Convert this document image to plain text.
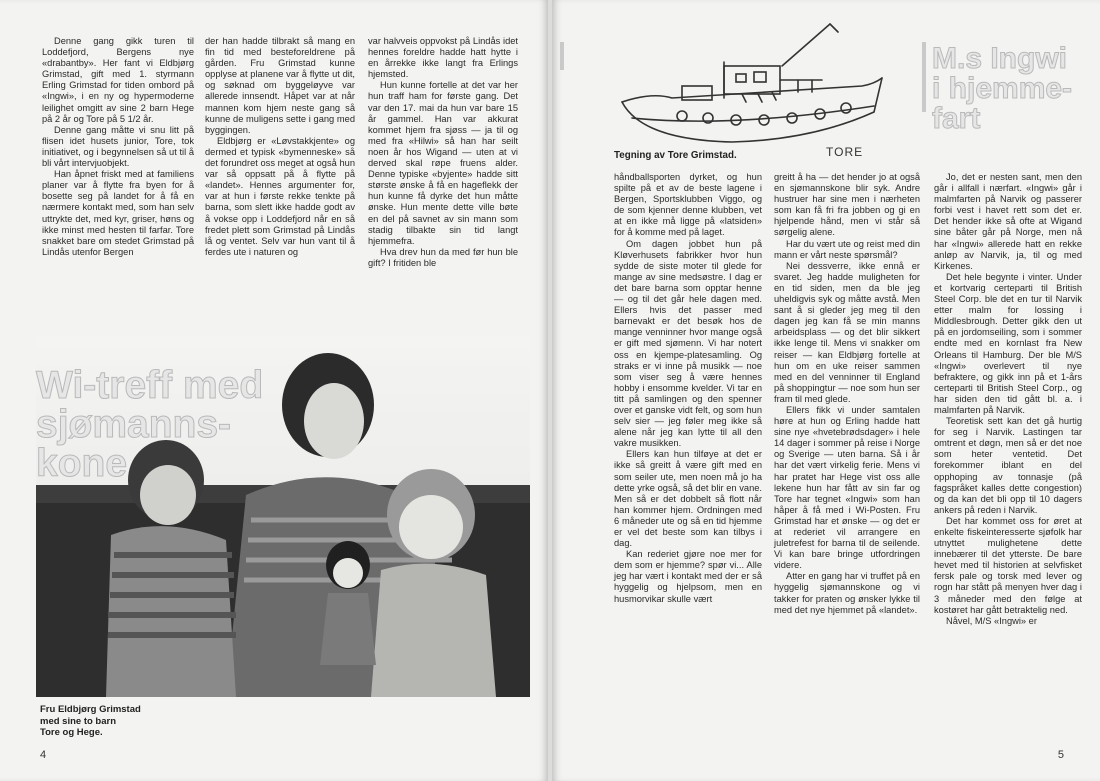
Denne gang gikk turen til Loddefjord, Bergens nye «drabantby». Her fant vi Eldbjørg Grimstad, gift med 1. styrmann Erling Grimstad for tiden ombord på «Ingwi», i en ny og hypermoderne leilighet omgitt av sine 2 barn Hege på 2 år og Tore på 5 1/2 år.

Denne gang måtte vi snu litt på flisen idet husets junior, Tore, tok initiativet, og i begynnelsen så ut til å bli vårt intervjuobjekt.

Han åpnet friskt med at familiens planer var å flytte fra byen for å bosette seg på landet for å få en nærmere kontakt med, som han selv uttrykte det, med kyr, griser, høns og ikke minst med hesten til farfar. Tore snakket bare om stedet Grimstad på Lindås utenfor Bergen

der han hadde tilbrakt så mang en fin tid med besteforeldrene på gården. Fru Grimstad kunne opplyse at planene var å flytte ut dit, og søknad om byggeløyve var allerede innsendt. Håpet var at når mannen kom hjem neste gang så kunne de muligens sette i gang med byggingen.

Eldbjørg er «Løvstakkjente» og dermed et typisk «bymenneske» så det forundret oss meget at også hun var så oppsatt på å flytte på «landet». Hennes argumenter for, var at hun i første rekke tenkte på barna, som slett ikke hadde godt av å vokse opp i Loddefjord når en så fredet plett som Grimstad på Lindås lå og ventet. Selv var hun vant til å ferdes ute i naturen og

var halvveis oppvokst på Lindås idet hennes foreldre hadde hatt hytte i en årrekke ikke langt fra Erlings hjemsted.

Hun kunne fortelle at det var her hun traff ham for første gang. Det var den 17. mai da hun var bare 15 år gammel. Han var akkurat kommet hjem fra sjøss — ja til og med fra «Hilwi» så han har seilt noen år hos Wigand — uten at vi derved skal røpe fruens alder. Denne typiske «byjente» hadde sitt største ønske å få en hageflekk der hun kunne få dyrke det hun måtte ønske. Hun mente dette ville bøte en del på savnet av sin mann som stadig tilbakte sin tid langt hjemmefra.

Hva drev hun da med før hun ble gift? I fritiden ble

Wi-treff med
sjømanns-
kone
Fru Eldbjørg Grimstad
med sine to barn
Tore og Hege.
4
TORE
Tegning av Tore Grimstad.
M.s Ingwi
i hjemme-
fart

håndballsporten dyrket, og hun spilte på et av de beste lagene i Bergen, Sportsklubben Viggo, og de som kjenner denne klubben, vet at en ikke må ligge på «latsiden» for å komme med på laget.

Om dagen jobbet hun på Kløverhusets fabrikker hvor hun sydde de siste moter til glede for mange av sine medsøstre. I dag er det bare barna som opptar henne — og til det går hele dagen med. Ellers hvis det passer med barnevakt er det besøk hos de mange venninner hvor mange også er gift med sjømenn. Vi har notert oss en kjempe-platesamling. Og straks er vi inne på musikk — noe som viser seg å være hennes hobby i ensomme kvelder. Vi tar en titt på samlingen og den spenner over et ganske vidt felt, og som hun selv sier — jeg føler meg ikke så alene når jeg kan lytte til all den vakre musikken.

Ellers kan hun tilføye at det er ikke så greitt å være gift med en som seiler ute, men noen må jo ha dette yrke også, så det blir en vane. Men så er det dobbelt så flott når han kommer hjem. Ordningen med 6 måneder ute og så en tid hjemme er vel det beste som kan tilbys i dag.

Kan rederiet gjøre noe mer for dem som er hjemme? spør vi... Alle jeg har vært i kontakt med der er så hyggelig og hjelpsom, men en husmorvikar skulle vært

greitt å ha — det hender jo at også en sjømannskone blir syk. Andre hustruer har sine men i nærheten som kan få fri fra jobben og gi en hjelpende hånd, men vi står så sørgelig alene.

Har du vært ute og reist med din mann er vårt neste spørsmål?

Nei dessverre, ikke ennå er svaret. Jeg hadde muligheten for en tid siden, men da ble jeg uheldigvis syk og måtte avstå. Men sant å si gleder jeg meg til den dagen jeg kan få se min manns arbeidsplass — og det blir sikkert ikke lenge til. Mens vi snakker om reiser — kan Eldbjørg fortelle at hun om en uke reiser sammen med en del venninner til England på shoppingtur — noe som hun ser fram til med glede.

Ellers fikk vi under samtalen høre at hun og Erling hadde hatt sine nye «hvetebrødsdager» i hele 14 dager i sommer på reise i Norge og Sverige — uten barna. Så i år har det vært virkelig ferie. Mens vi har pratet har Hege vist oss alle lekene hun har fått av sin far og Tore har tegnet «Ingwi» som han håper å få med i Wi-Posten. Fru Grimstad har et ønske — og det er at rederiet vil arrangere en juletrefest for barna til de seilende. Vi kan bare bringe utfordringen videre.

Atter en gang har vi truffet på en hyggelig sjømannskone og vi takker for praten og ønsker lykke til med det nye hjemmet på «landet».

Jo, det er nesten sant, men den går i allfall i nærfart. «Ingwi» går i malmfarten på Narvik og passerer forbi vest i havet rett som det er. Det hender ikke så ofte at Wigand sine båter går på Norge, men nå har «Ingwi» allerede hatt en rekke anløp av Narvik, ja, til og med Kirkenes.

Det hele begynte i vinter. Under et kortvarig certeparti til British Steel Corp. ble det en tur til Narvik etter malm for lossing i Middlesbrough. Detter gikk den ut på en jordomseiling, som i sommer endte med en kornlast fra New Orleans til Hamburg. Der ble M/S «Ingwi» overlevert til nye befraktere, og gikk inn på et 1-års certeparti til British Steel Corp., og har siden den tid gått bl. a. i malmfarten på Narvik.

Teoretisk sett kan det gå hurtig for seg i Narvik. Lastingen tar omtrent et døgn, men så er det noe som heter ventetid. Det forekommer iblant en del opphoping av tonnasje (på fagspråket kalles dette congestion) og da kan det bli opp til 10 dagers ankers på reden i Narvik.

Det har kommet oss for øret at enkelte fiskeinteresserte sjøfolk har utnyttet mulighetene dette innebærer til det ytterste. De bare hevet med til historien at selvfisket fersk pale og torsk med lever og rogn har stått på menyen hver dag i 3 måneder med den følge at kostøret har gått betraktelig ned.

Nåvel, M/S «Ingwi» er

5
